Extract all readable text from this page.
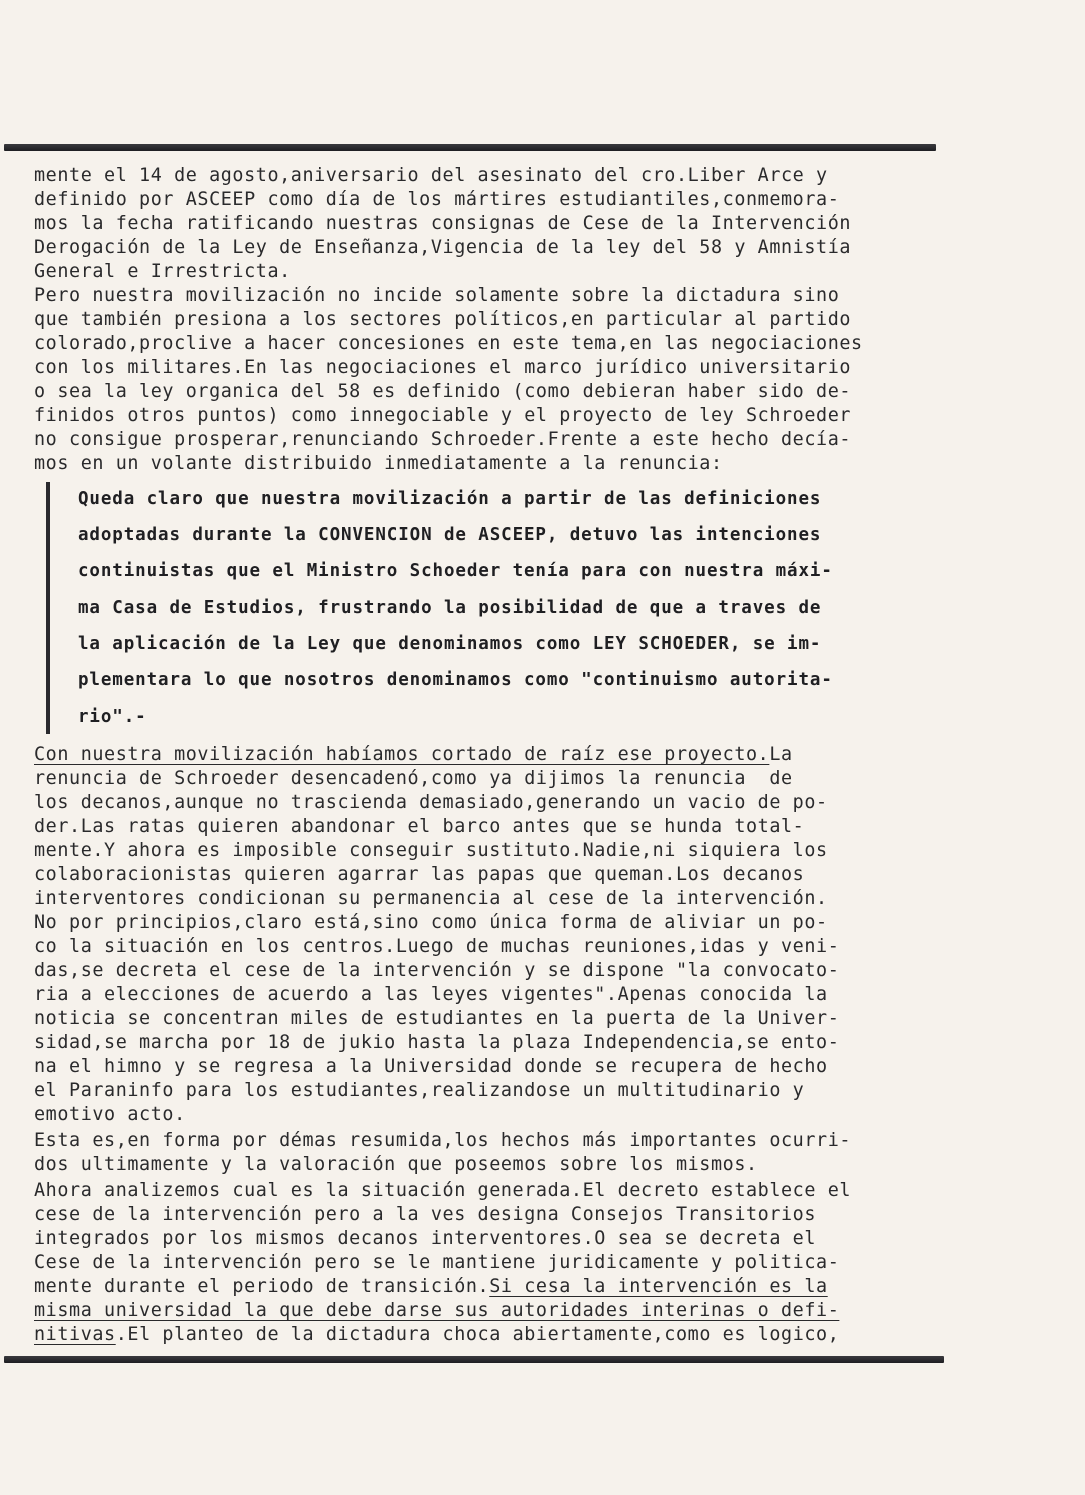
mente el 14 de agosto,aniversario del asesinato del cro.Liber Arce y
definido por ASCEEP como día de los mártires estudiantiles,conmemora-
mos la fecha ratificando nuestras consignas de Cese de la Intervención
Derogación de la Ley de Enseñanza,Vigencia de la ley del 58 y Amnistía
General e Irrestricta.
Pero nuestra movilización no incide solamente sobre la dictadura sino
que también presiona a los sectores políticos,en particular al partido
colorado,proclive a hacer concesiones en este tema,en las negociaciones
con los militares.En las negociaciones el marco jurídico universitario
o sea la ley organica del 58 es definido (como debieran haber sido de-
finidos otros puntos) como innegociable y el proyecto de ley Schroeder
no consigue prosperar,renunciando Schroeder.Frente a este hecho decía-
mos en un volante distribuido inmediatamente a la renuncia:
Queda claro que nuestra movilización a partir de las definiciones
adoptadas durante la CONVENCION de ASCEEP, detuvo las intenciones
continuistas que el Ministro Schoeder tenía para con nuestra máxi-
ma Casa de Estudios, frustrando la posibilidad de que a traves de
la aplicación de la Ley que denominamos como LEY SCHOEDER, se im-
plementara lo que nosotros denominamos como "continuismo autorita-
rio".-
Con nuestra movilización habíamos cortado de raíz ese proyecto.La
renuncia de Schroeder desencadenó,como ya dijimos la renuncia  de
los decanos,aunque no trascienda demasiado,generando un vacio de po-
der.Las ratas quieren abandonar el barco antes que se hunda total-
mente.Y ahora es imposible conseguir sustituto.Nadie,ni siquiera los
colaboracionistas quieren agarrar las papas que queman.Los decanos
interventores condicionan su permanencia al cese de la intervención.
No por principios,claro está,sino como única forma de aliviar un po-
co la situación en los centros.Luego de muchas reuniones,idas y veni-
das,se decreta el cese de la intervención y se dispone "la convocato-
ria a elecciones de acuerdo a las leyes vigentes".Apenas conocida la
noticia se concentran miles de estudiantes en la puerta de la Univer-
sidad,se marcha por 18 de jukio hasta la plaza Independencia,se ento-
na el himno y se regresa a la Universidad donde se recupera de hecho
el Paraninfo para los estudiantes,realizandose un multitudinario y
emotivo acto.
Esta es,en forma por démas resumida,los hechos más importantes ocurri-
dos ultimamente y la valoración que poseemos sobre los mismos.
Ahora analizemos cual es la situación generada.El decreto establece el
cese de la intervención pero a la ves designa Consejos Transitorios
integrados por los mismos decanos interventores.O sea se decreta el
Cese de la intervención pero se le mantiene juridicamente y politica-
mente durante el periodo de transición.Si cesa la intervención es la
misma universidad la que debe darse sus autoridades interinas o defi-
nitivas.El planteo de la dictadura choca abiertamente,como es logico,
